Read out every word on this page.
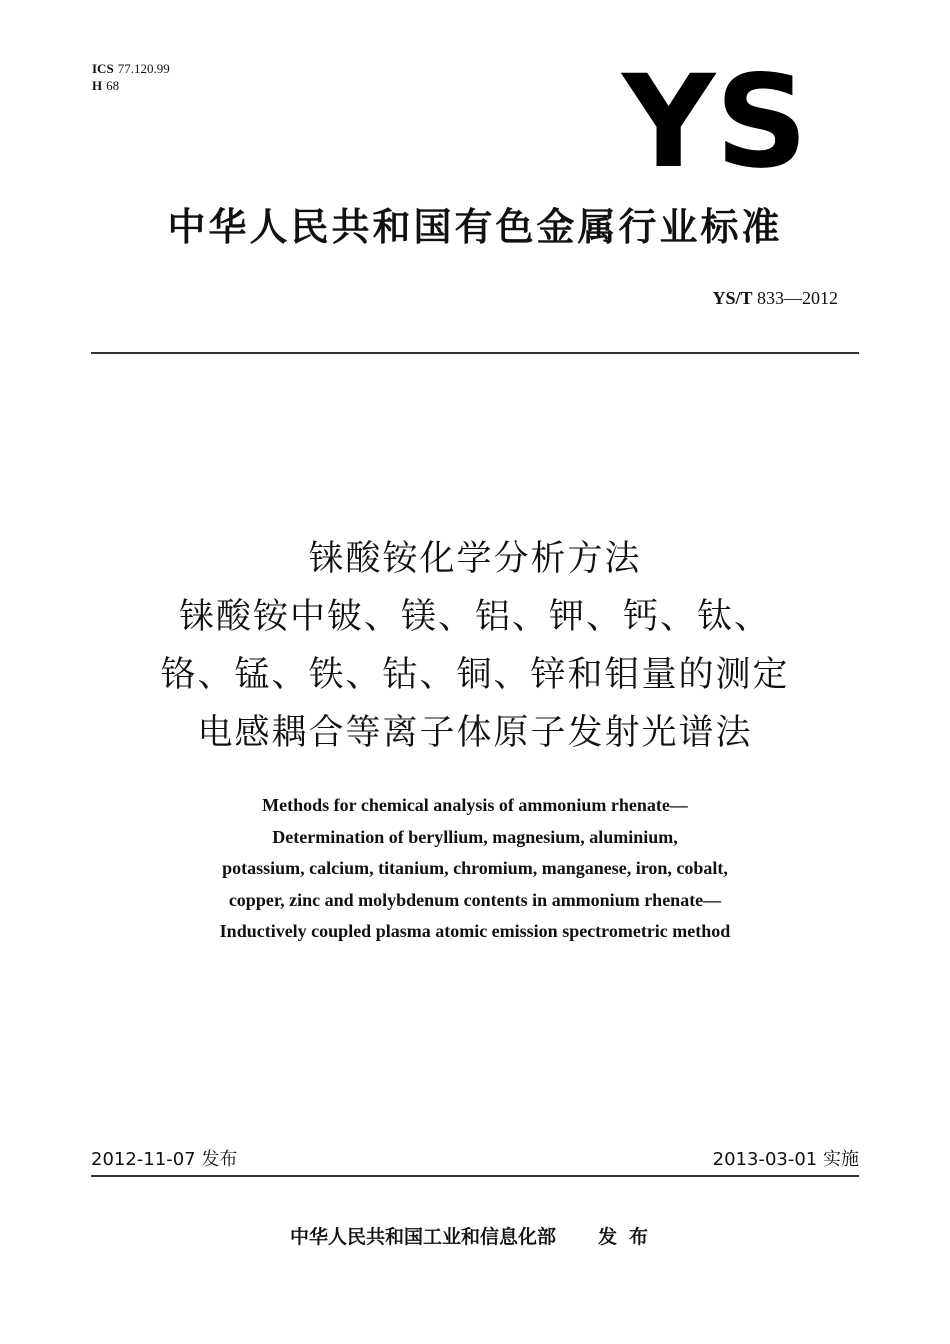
ICS 77.120.99
H 68	YS
中华人民共和国有色金属行业标准
YS/T 833—2012
铼酸铵化学分析方法
铼酸铵中铍、镁、铝、钾、钙、钛、
铬、锰、铁、钴、铜、锌和钼量的测定
电感耦合等离子体原子发射光谱法
Methods for chemical analysis of ammonium rhenate—
Determination of beryllium, magnesium, aluminium,
potassium, calcium, titanium, chromium, manganese, iron, cobalt,
copper, zinc and molybdenum contents in ammonium rhenate—
Inductively coupled plasma atomic emission spectrometric method
2012-11-07 发布	2013-03-01 实施
中华人民共和国工业和信息化部 发布
